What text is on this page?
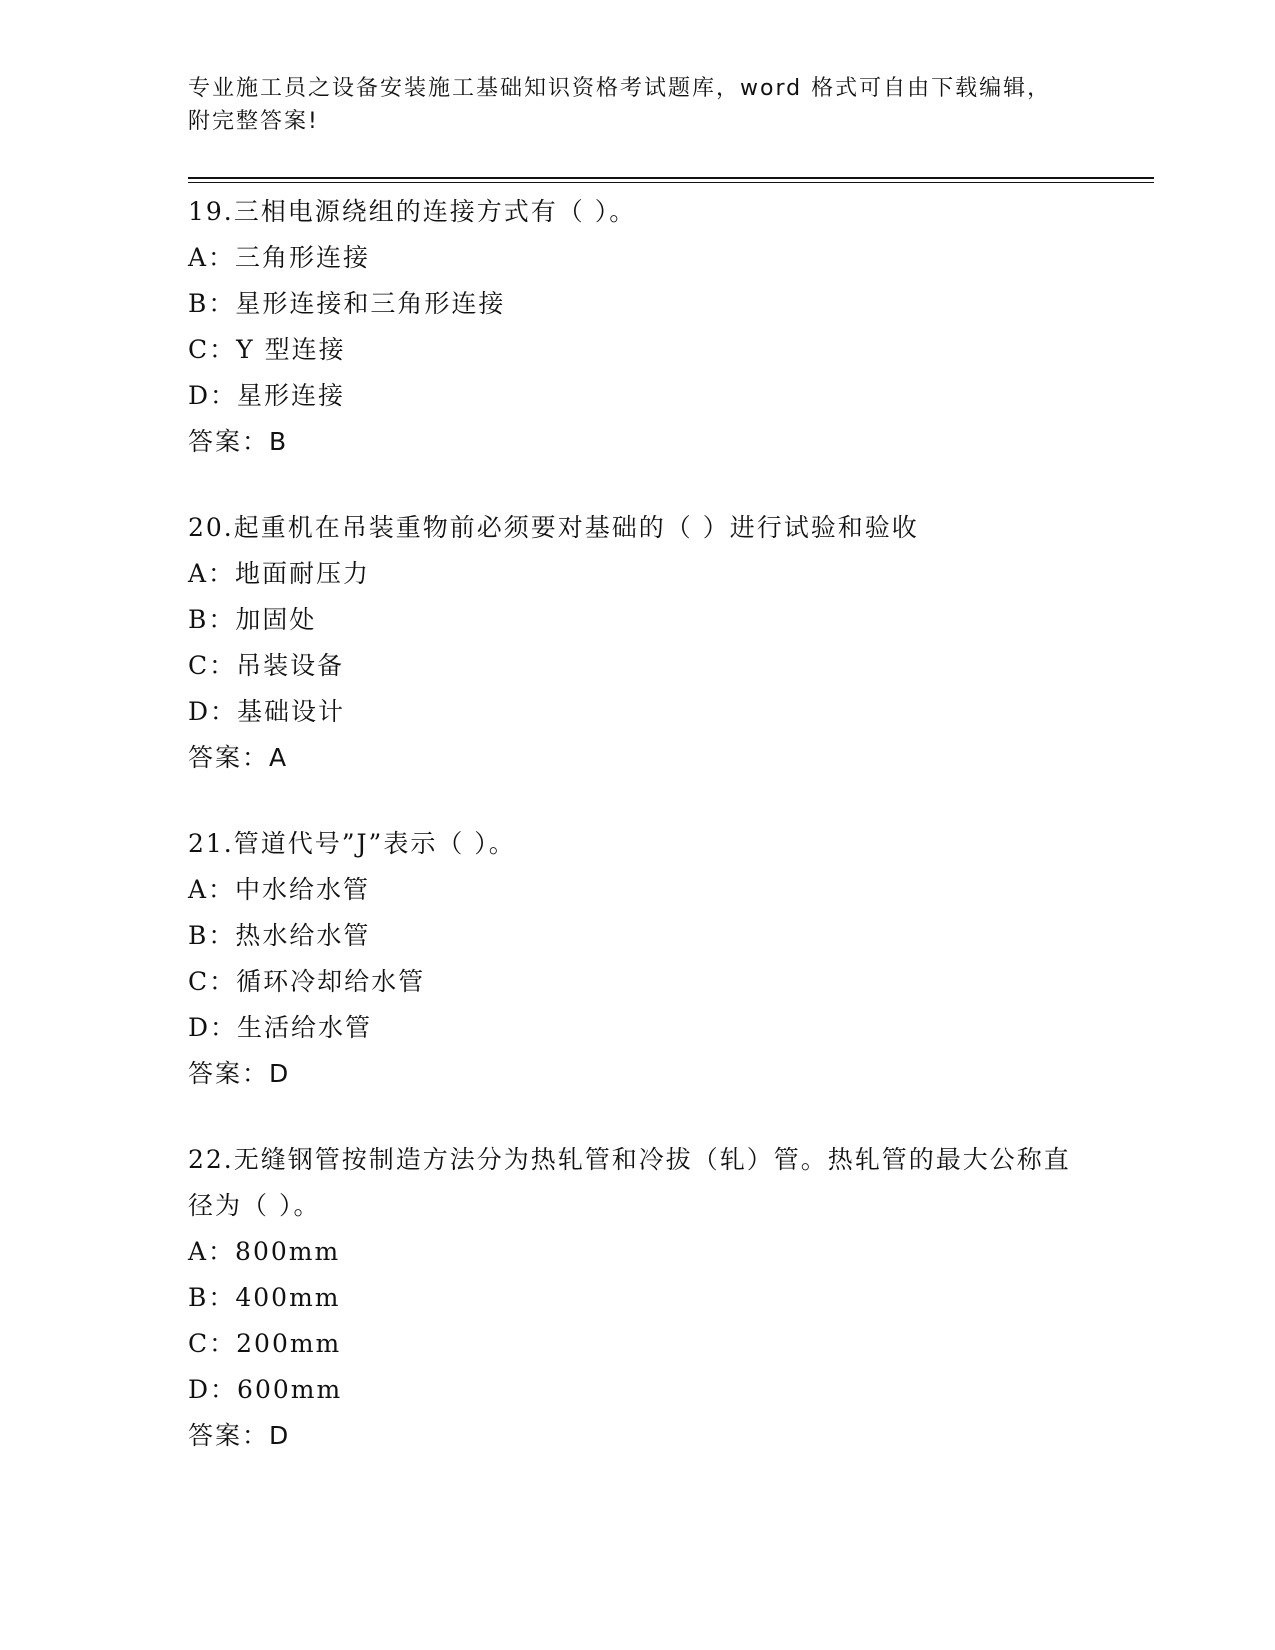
专业施工员之设备安装施工基础知识资格考试题库，word 格式可自由下载编辑，
附完整答案!
19.三相电源绕组的连接方式有（ ）。
A：三角形连接
B：星形连接和三角形连接
C：Y 型连接
D：星形连接
答案：B
20.起重机在吊装重物前必须要对基础的（ ）进行试验和验收
A：地面耐压力
B：加固处
C：吊装设备
D：基础设计
答案：A
21.管道代号”J”表示（ ）。
A：中水给水管
B：热水给水管
C：循环冷却给水管
D：生活给水管
答案：D
22.无缝钢管按制造方法分为热轧管和冷拔（轧）管。热轧管的最大公称直径为（ ）。
A：800mm
B：400mm
C：200mm
D：600mm
答案：D
